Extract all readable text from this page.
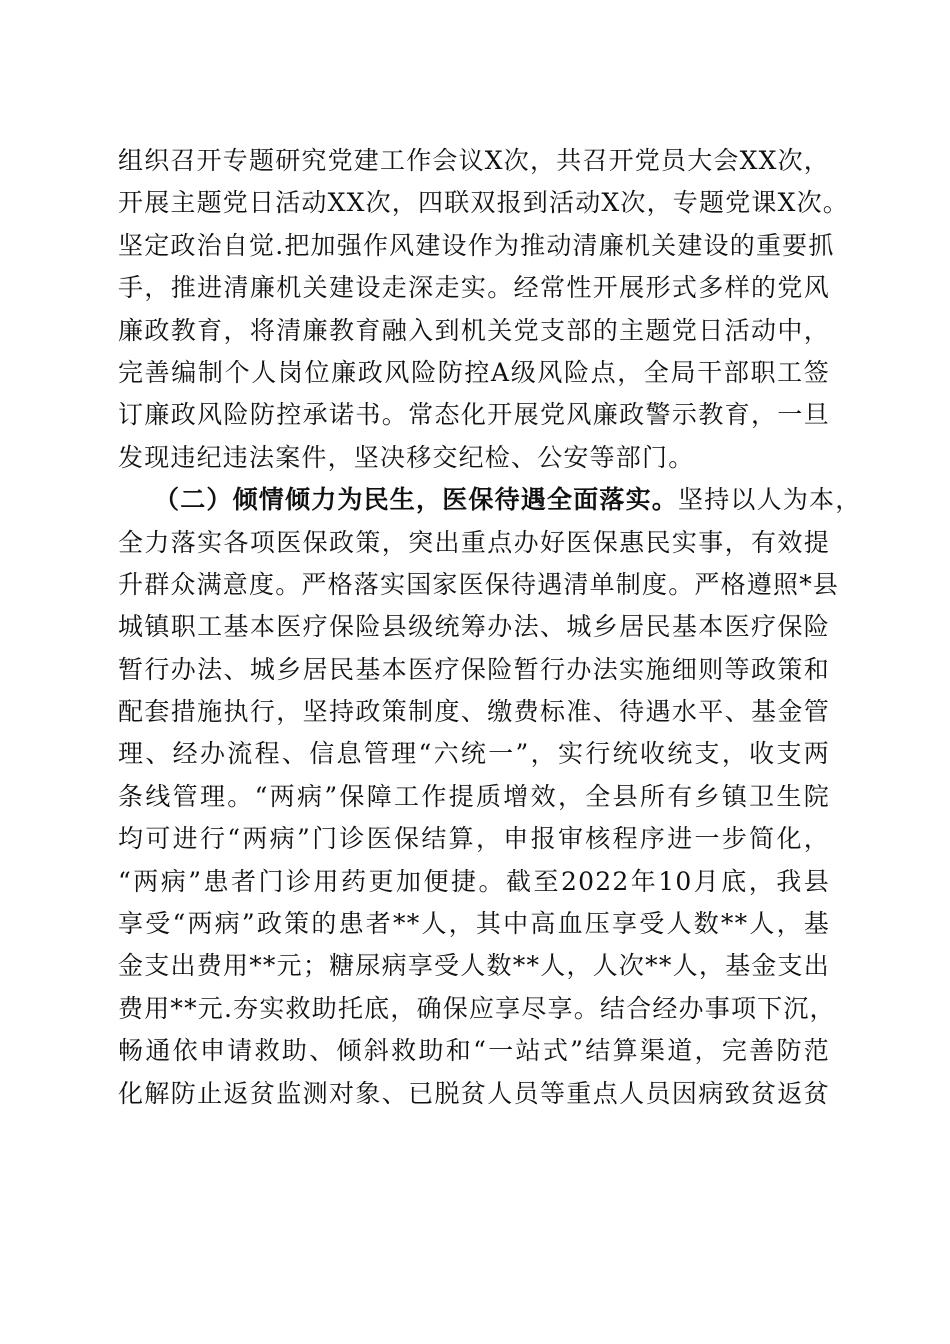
组织召开专题研究党建工作会议X次，共召开党员大会XX次，
开展主题党日活动XX次，四联双报到活动X次，专题党课X次。
坚定政治自觉.把加强作风建设作为推动清廉机关建设的重要抓
手，推进清廉机关建设走深走实。经常性开展形式多样的党风
廉政教育，将清廉教育融入到机关党支部的主题党日活动中，
完善编制个人岗位廉政风险防控A级风险点，全局干部职工签
订廉政风险防控承诺书。常态化开展党风廉政警示教育，一旦
发现违纪违法案件，坚决移交纪检、公安等部门。
（二）倾情倾力为民生，医保待遇全面落实。坚持以人为本，
全力落实各项医保政策，突出重点办好医保惠民实事，有效提
升群众满意度。严格落实国家医保待遇清单制度。严格遵照*县
城镇职工基本医疗保险县级统筹办法、城乡居民基本医疗保险
暂行办法、城乡居民基本医疗保险暂行办法实施细则等政策和
配套措施执行，坚持政策制度、缴费标准、待遇水平、基金管
理、经办流程、信息管理“六统一”，实行统收统支，收支两
条线管理。“两病”保障工作提质增效，全县所有乡镇卫生院
均可进行“两病”门诊医保结算，申报审核程序进一步简化，
“两病”患者门诊用药更加便捷。截至2022年10月底，我县
享受“两病”政策的患者**人，其中高血压享受人数**人，基
金支出费用**元；糖尿病享受人数**人，人次**人，基金支出
费用**元.夯实救助托底，确保应享尽享。结合经办事项下沉，
畅通依申请救助、倾斜救助和“一站式”结算渠道，完善防范
化解防止返贫监测对象、已脱贫人员等重点人员因病致贫返贫
